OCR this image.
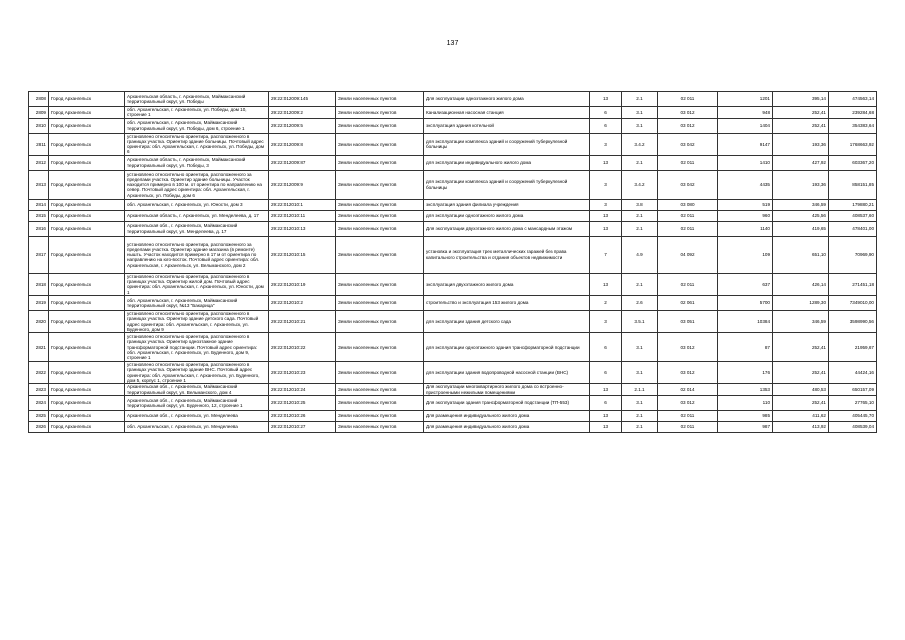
137
2808	Город Архангельск	Архангельская область, г. Архангельск, Маймаксанский территориальный округ, ул. Победы	29:22:012009:145	Земли населенных пунктов	Для эксплуатации одноэтажного жилого дома	13	2.1	02 011	1201	395,14	474563,14
2809	Город Архангельск	обл. Архангельская, г. Архангельск, ул. Победы, дом 10, строение 1	29:22:012009:2	Земли населенных пунктов	Канализационная насосная станция	6	3.1	03 012	948	252,41	239284,68
2810	Город Архангельск	обл. Архангельская, г. Архангельск, Маймаксанский территориальный округ, ул. Победы, дом 6, строение 1	29:22:012009:5	Земли населенных пунктов	эксплуатация здания котельной	6	3.1	03 012	1404	252,41	354383,64
2811	Город Архангельск	установлено относительно ориентира, расположенного в границах участка. Ориентир здание больницы. Почтовый адрес ориентира: обл. Архангельская, г. Архангельск, ул. Победы, дом 6	29:22:012009:8	Земли населенных пунктов	для эксплуатации комплекса зданий и сооружений туберкулезной больницы	3	3.4.2	03 042	9147	193,36	1768663,92
2812	Город Архангельск	Архангельская область, г. Архангельск, Маймаксанский территориальный округ, ул. Победы, 3	29:22:012009:87	Земли населенных пунктов	для эксплуатации индивидуального жилого дома	13	2.1	02 011	1410	427,92	603367,20
2813	Город Архангельск	установлено относительно ориентира, расположенного за пределами участка. Ориентир здание больницы. Участок находится примерно в 100 м. от ориентира по направлению на север. Почтовый адрес ориентира: обл. Архангельская, г. Архангельск, ул. Победы, дом 6	29:22:012009:9	Земли населенных пунктов	для эксплуатации комплекса зданий и сооружений туберкулезной больницы	3	3.4.2	03 042	4435	193,36	858151,85
2814	Город Архангельск	обл. Архангельская, г. Архангельск, ул. Юности, дом 3	29:22:012010:1	Земли населенных пунктов	эксплуатация здания филиала учреждения	3	3.8	03 080	519	346,59	179880,21
2815	Город Архангельск	Архангельская область, г. Архангельск, ул. Менделеева, д. 17	29:22:012010:11	Земли населенных пунктов	для эксплуатации одноэтажного жилого дома	13	2.1	02 011	960	425,56	408537,60
2816	Город Архангельск	Архангельская обл., г. Архангельск, Маймаксанский территориальный округ, ул. Менделеева, д. 17	29:22:012010:13	Земли населенных пунктов	Для эксплуатации двухэтажного жилого дома с мансардным этажом	13	2.1	02 011	1140	419,65	478401,00
2817	Город Архангельск	установлено относительно ориентира, расположенного за пределами участка. Ориентир здание магазина (в ремонте) нышть. Участок находится примерно в 17 м от ориентира по направлению на юго-восток. Почтовый адрес ориентира: обл. Архангельская, г. Архангельск, ул. Вельманского, дом 2	29:22:012010:15	Земли населенных пунктов	установка и эксплуатация трех металлических гаражей без права капитального строительства и отдания объектов недвижимости	7	4.9	04 092	109	651,10	70969,90
2818	Город Архангельск	установлено относительно ориентира, расположенного в границах участка. Ориентир жилой дом. Почтовый адрес ориентира: обл. Архангельская, г. Архангельск, ул. Юности, дом 1	29:22:012010:19	Земли населенных пунктов	эксплуатация двухэтажного жилого дома	13	2.1	02 011	637	426,14	271451,18
2819	Город Архангельск	обл. Архангельская, г. Архангельск, Маймаксанский территориальный округ, №13 "Бакарица"	29:22:012010:2	Земли населенных пунктов	строительство и эксплуатация 153 жилого дома	2	2.6	02 061	5700	1289,30	7349010,00
2820	Город Архангельск	установлено относительно ориентира, расположенного в границах участка. Ориентир здание детского сада. Почтовый адрес ориентира: обл. Архангельская, г. Архангельск, ул. Буденного, дом 9	29:22:012010:21	Земли населенных пунктов	для эксплуатации здания детского сада	3	3.5.1	03 051	10384	346,59	3598990,56
2821	Город Архангельск	установлено относительно ориентира, расположенного в границах участка. Ориентир одноэтажное здание трансформаторной подстанции. Почтовый адрес ориентира: обл. Архангельская, г. Архангельск, ул. Буденного, дом 9, строение 1	29:22:012010:22	Земли населенных пунктов	для эксплуатации одноэтажного здания трансформаторной подстанции	6	3.1	03 012	87	252,41	21959,67
2822	Город Архангельск	установлено относительно ориентира, расположенного в границах участка. Ориентир здание ВНС. Почтовый адрес ориентира: обл. Архангельская, г. Архангельск, ул. Буденного, дом 5, корпус 1, строение 1	29:22:012010:23	Земли населенных пунктов	для эксплуатации здания водопроводной насосной станции (ВНС)	6	3.1	03 012	176	252,41	44424,16
2823	Город Архангельск	Архангельская обл., г. Архангельск, Маймаксанский территориальный округ, ул. Вельманского, дом 4	29:22:012010:24	Земли населенных пунктов	Для эксплуатации многоквартирного жилого дома со встроенно-пристроенными нежилыми помещениями	13	2.1.1	02 014	1353	480,53	650157,09
2824	Город Архангельск	Архангельская обл., г. Архангельск, Маймаксанский территориальный округ, ул. Буденного, 12, строение 1	29:22:012010:25	Земли населенных пунктов	Для эксплуатации здания трансформаторной подстанции (ТП-553)	6	3.1	03 012	110	252,41	27765,10
2825	Город Архангельск	Архангельская обл., г. Архангельск, ул. Менделеева	29:22:012010:26	Земли населенных пунктов	Для размещения индивидуального жилого дома	13	2.1	02 011	985	411,62	405445,70
2826	Город Архангельск	обл. Архангельская, г. Архангельск, ул. Менделеева	29:22:012010:27	Земли населенных пунктов	Для размещения индивидуального жилого дома	13	2.1	02 011	987	413,92	408539,04
